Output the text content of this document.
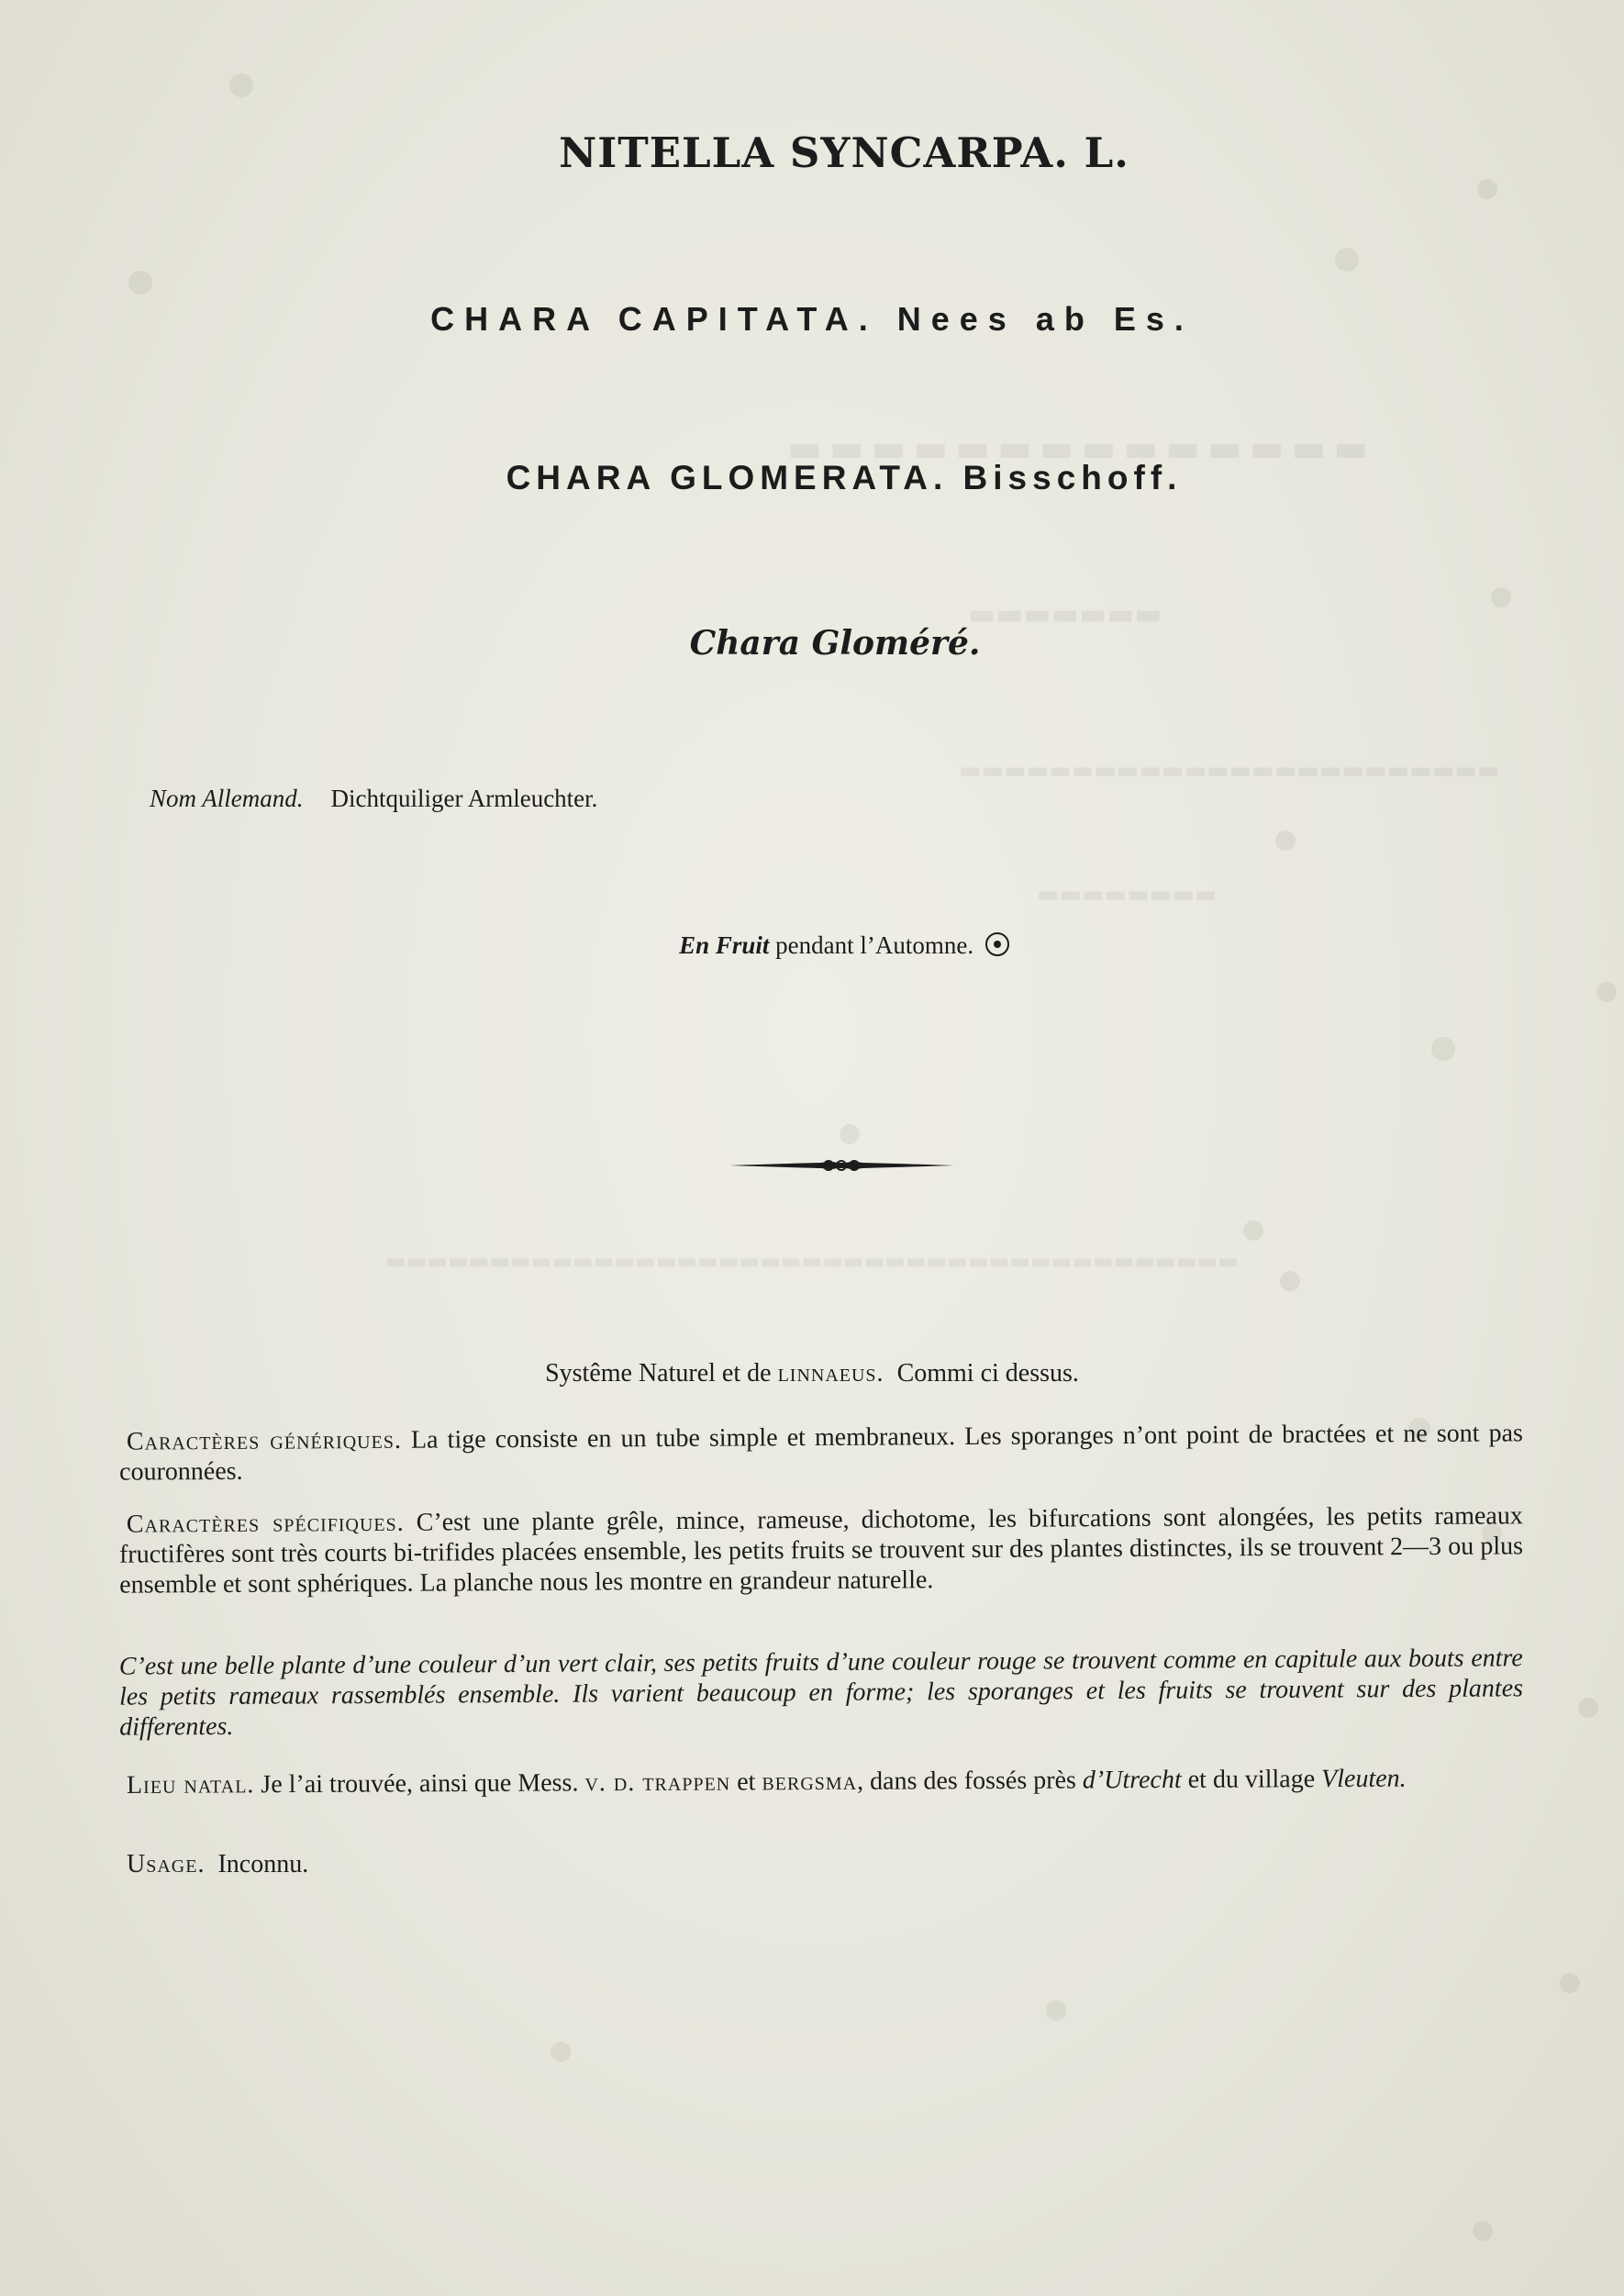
▬▬▬▬▬▬▬▬▬▬▬▬▬▬
▬▬▬▬▬▬▬
▬▬▬▬▬▬▬▬▬▬▬▬▬▬▬▬▬▬▬▬▬▬▬▬
▬▬▬▬▬▬▬▬
▬▬▬▬▬▬▬▬▬▬▬▬▬▬▬▬▬▬▬▬▬▬▬▬▬▬▬▬▬▬▬▬▬▬▬▬▬▬▬▬▬
NITELLA SYNCARPA. L.
CHARA CAPITATA. Nees ab Es.
CHARA GLOMERATA. Bisschoff.
Chara Gloméré.
Nom Allemand. Dichtquiliger Armleuchter.
En Fruit pendant l’Automne.
Systême Naturel et de linnaeus. Commi ci dessus.
Caractères génériques. La tige consiste en un tube simple et membraneux. Les sporanges n’ont point de bractées et ne sont pas couronnées.
Caractères spécifiques. C’est une plante grêle, mince, rameuse, dichotome, les bifurcations sont alongées, les petits rameaux fructifères sont très courts bi-trifides placées ensemble, les petits fruits se trouvent sur des plantes distinctes, ils se trouvent 2—3 ou plus ensemble et sont sphériques. La planche nous les montre en grandeur naturelle.
C’est une belle plante d’une couleur d’un vert clair, ses petits fruits d’une couleur rouge se trouvent comme en capitule aux bouts entre les petits rameaux rassemblés ensemble. Ils varient beaucoup en forme; les sporanges et les fruits se trouvent sur des plantes differentes.
Lieu natal. Je l’ai trouvée, ainsi que Mess. v. d. trappen et bergsma, dans des fossés près d’Utrecht et du village Vleuten.
Usage. Inconnu.
